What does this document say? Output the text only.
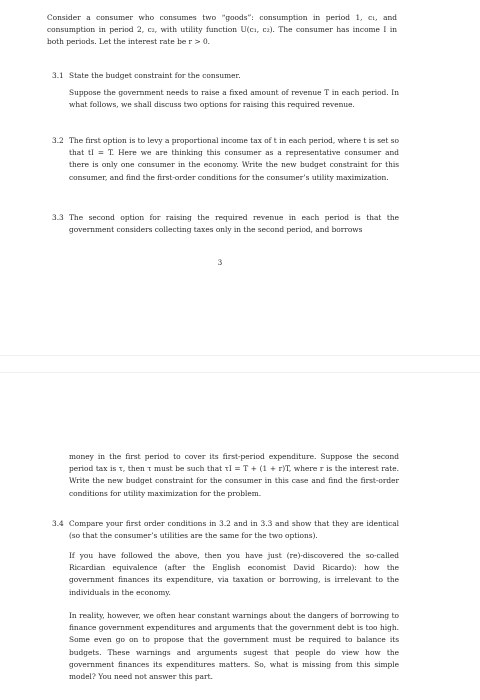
Consider a consumer who consumes two “goods”: consumption in period 1, c₁, and consumption in period 2, c₂, with utility function U(c₁, c₂). The consumer has income I in both periods. Let the interest rate be r > 0.
3.1 State the budget constraint for the consumer.
Suppose the government needs to raise a fixed amount of revenue T in each period. In what follows, we shall discuss two options for raising this required revenue.
3.2 The first option is to levy a proportional income tax of t in each period, where t is set so that tI = T. Here we are thinking this consumer as a representative consumer and there is only one consumer in the economy. Write the new budget constraint for this consumer, and find the first-order conditions for the consumer’s utility maximization.
3.3 The second option for raising the required revenue in each period is that the government considers collecting taxes only in the second period, and borrows
3
money in the first period to cover its first-period expenditure. Suppose the second period tax is τ, then τ must be such that τI = T + (1 + r)T, where r is the interest rate. Write the new budget constraint for the consumer in this case and find the first-order conditions for utility maximization for the problem.
3.4 Compare your first order conditions in 3.2 and in 3.3 and show that they are identical (so that the consumer’s utilities are the same for the two options).
If you have followed the above, then you have just (re)-discovered the so-called Ricardian equivalence (after the English economist David Ricardo): how the government finances its expenditure, via taxation or borrowing, is irrelevant to the individuals in the economy.
In reality, however, we often hear constant warnings about the dangers of borrowing to finance government expenditures and arguments that the government debt is too high. Some even go on to propose that the government must be required to balance its budgets. These warnings and arguments sugest that people do view how the government finances its expenditures matters. So, what is missing from this simple model? You need not answer this part.
